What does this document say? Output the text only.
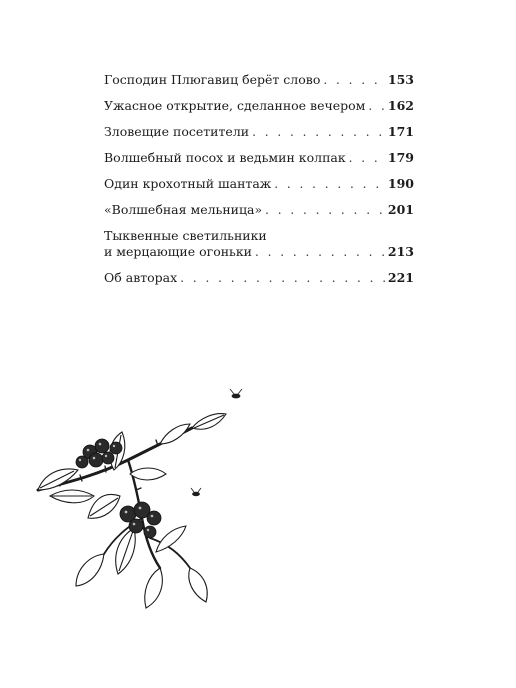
Господин Плюгавиц берёт слово . . .	153
Ужасное открытие, сделанное вечером . . . 162
Зловещие посетители . . .	171
Волшебный посох и ведьмин колпак . . .	179
Один крохотный шантаж . . .	190
«Волшебная мельница» . . .	201
Тыквенные светильники
и мерцающие огоньки . . .	213
Об авторах . . .	221
